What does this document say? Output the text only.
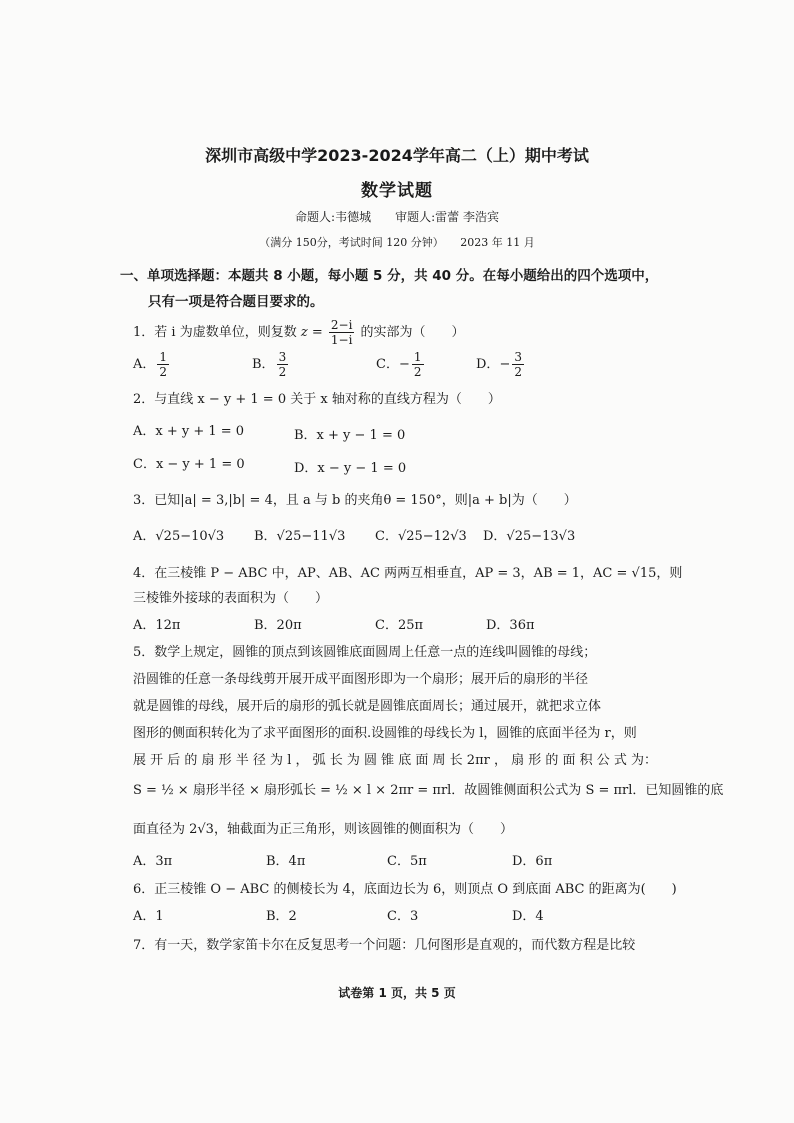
深圳市高级中学2023-2024学年高二（上）期中考试
数学试题
命题人:韦德城　　审题人:雷蕾 李浩宾
（满分 150分，考试时间 120 分钟）　　2023 年 11 月
一、单项选择题：本题共 8 小题，每小题 5 分，共 40 分。在每小题给出的四个选项中，
只有一项是符合题目要求的。
1．若 i 为虚数单位，则复数 $z = \frac{2-i}{1-i}$ 的实部为（　　）
A． $\frac{1}{2}$	B． $\frac{3}{2}$	C．− $\frac{1}{2}$	D．− $\frac{3}{2}$
2．与直线 x − y + 1 = 0 关于 x 轴对称的直线方程为（　　）
A．x + y + 1 = 0	B．x + y − 1 = 0
C．x − y + 1 = 0	D．x − y − 1 = 0
3．已知|a| = 3,|b| = 4，且 a 与 b 的夹角θ = 150°，则|a + b|为（　　）
A．√25−10√3 B．√25−11√3 C．√25−12√3 D．√25−13√3
4．在三棱锥 P − ABC 中，AP、AB、AC 两两互相垂直，AP = 3，AB = 1，AC = √15，则
三棱锥外接球的表面积为（　　）
A．12π	B．20π	C．25π	D．36π
5．数学上规定，圆锥的顶点到该圆锥底面圆周上任意一点的连线叫圆锥的母线；
沿圆锥的任意一条母线剪开展开成平面图形即为一个扇形；展开后的扇形的半径
就是圆锥的母线，展开后的扇形的弧长就是圆锥底面周长；通过展开，就把求立体
图形的侧面积转化为了求平面图形的面积.设圆锥的母线长为 l，圆锥的底面半径为 r，则
展 开 后 的 扇 形 半 径 为 l ， 弧 长 为 圆 锥 底 面 周 长 2πr ， 扇 形 的 面 积 公 式 为：
S = ½ × 扇形半径 × 扇形弧长 = ½ × l × 2πr = πrl．故圆锥侧面积公式为 S = πrl．已知圆锥的底
面直径为 2√3，轴截面为正三角形，则该圆锥的侧面积为（　　）
A．3π	B．4π	C．5π	D．6π
6．正三棱锥 O − ABC 的侧棱长为 4，底面边长为 6，则顶点 O 到底面 ABC 的距离为(　　)
A．1	B．2	C．3	D．4
7．有一天，数学家笛卡尔在反复思考一个问题：几何图形是直观的，而代数方程是比较
试卷第 1 页，共 5 页
